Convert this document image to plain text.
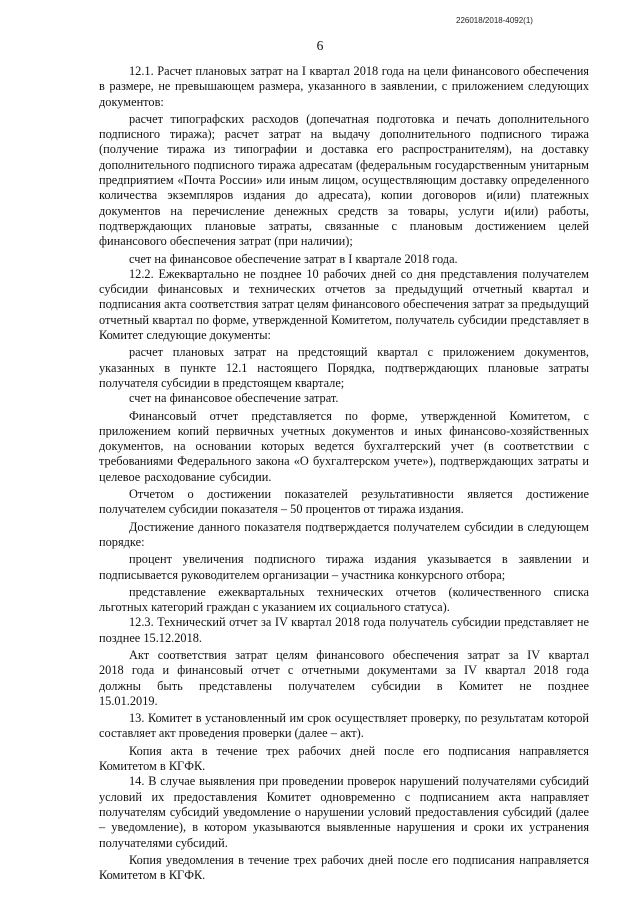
226018/2018-4092(1)
6

12.1. Расчет плановых затрат на I квартал 2018 года на цели финансового обеспечения в размере, не превышающем размера, указанного в заявлении, с приложением следующих документов:

расчет типографских расходов (допечатная подготовка и печать дополнительного подписного тиража); расчет затрат на выдачу дополнительного подписного тиража (получение тиража из типографии и доставка его распространителям), на доставку дополнительного подписного тиража адресатам (федеральным государственным унитарным предприятием «Почта России» или иным лицом, осуществляющим доставку определенного количества экземпляров издания до адресата), копии договоров и(или) платежных документов на перечисление денежных средств за товары, услуги и(или) работы, подтверждающих плановые затраты, связанные с плановым достижением целей финансового обеспечения затрат (при наличии);

счет на финансовое обеспечение затрат в I квартале 2018 года.

12.2. Ежеквартально не позднее 10 рабочих дней со дня представления получателем субсидии финансовых и технических отчетов за предыдущий отчетный квартал и подписания акта соответствия затрат целям финансового обеспечения затрат за предыдущий отчетный квартал по форме, утвержденной Комитетом, получатель субсидии представляет в Комитет следующие документы:

расчет плановых затрат на предстоящий квартал с приложением документов, указанных в пункте 12.1 настоящего Порядка, подтверждающих плановые затраты получателя субсидии в предстоящем квартале;

счет на финансовое обеспечение затрат.

Финансовый отчет представляется по форме, утвержденной Комитетом, с приложением копий первичных учетных документов и иных финансово-хозяйственных документов, на основании которых ведется бухгалтерский учет (в соответствии с требованиями Федерального закона «О бухгалтерском учете»), подтверждающих затраты и целевое расходование субсидии.

Отчетом о достижении показателей результативности является достижение получателем субсидии показателя – 50 процентов от тиража издания.

Достижение данного показателя подтверждается получателем субсидии в следующем порядке:

процент увеличения подписного тиража издания указывается в заявлении и подписывается руководителем организации – участника конкурсного отбора;

представление ежеквартальных технических отчетов (количественного списка льготных категорий граждан с указанием их социального статуса).

12.3. Технический отчет за IV квартал 2018 года получатель субсидии представляет не позднее 15.12.2018.

Акт соответствия затрат целям финансового обеспечения затрат за IV квартал 2018 года и финансовый отчет с отчетными документами за IV квартал 2018 года должны быть представлены получателем субсидии в Комитет не позднее 15.01.2019.

13. Комитет в установленный им срок осуществляет проверку, по результатам которой составляет акт проведения проверки (далее – акт).

Копия акта в течение трех рабочих дней после его подписания направляется Комитетом в КГФК.

14. В случае выявления при проведении проверок нарушений получателями субсидий условий их предоставления Комитет одновременно с подписанием акта направляет получателям субсидий уведомление о нарушении условий предоставления субсидий (далее – уведомление), в котором указываются выявленные нарушения и сроки их устранения получателями субсидий.

Копия уведомления в течение трех рабочих дней после его подписания направляется Комитетом в КГФК.
